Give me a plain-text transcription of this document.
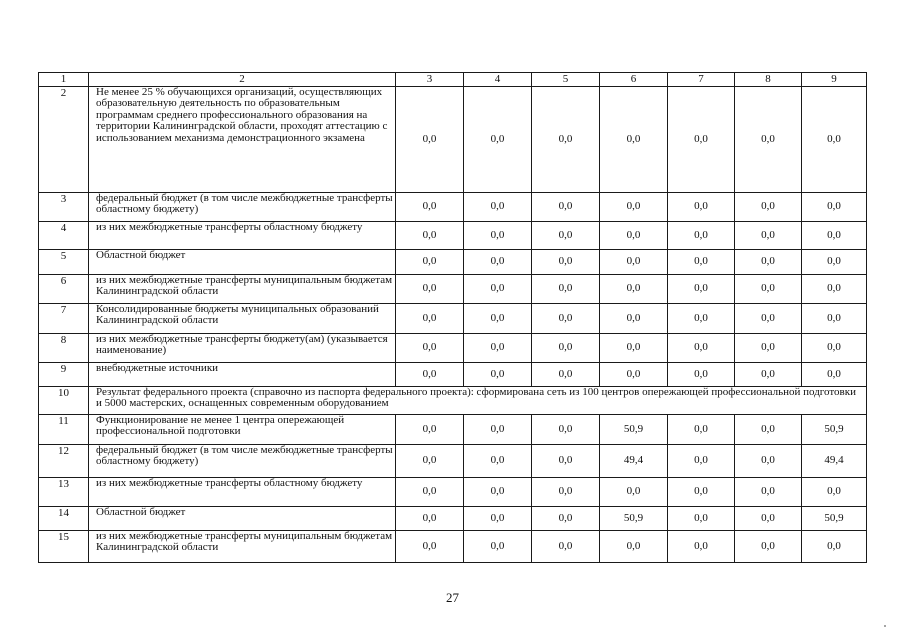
1	2	3	4	5	6	7	8	9
2	Не менее 25 % обучающихся организаций, осуществляющих образовательную деятельность по образовательным программам среднего профессионального образования на территории Калининградской области, проходят аттестацию с использованием механизма демонстрационного экзамена	0,0	0,0	0,0	0,0	0,0	0,0	0,0
3	федеральный бюджет (в том числе межбюджетные трансферты областному бюджету)	0,0	0,0	0,0	0,0	0,0	0,0	0,0
4	из них межбюджетные трансферты областному бюджету	0,0	0,0	0,0	0,0	0,0	0,0	0,0
5	Областной бюджет	0,0	0,0	0,0	0,0	0,0	0,0	0,0
6	из них межбюджетные трансферты муниципальным бюджетам Калининградской области	0,0	0,0	0,0	0,0	0,0	0,0	0,0
7	Консолидированные бюджеты муниципальных образований Калининградской области	0,0	0,0	0,0	0,0	0,0	0,0	0,0
8	из них межбюджетные трансферты бюджету(ам) (указывается наименование)	0,0	0,0	0,0	0,0	0,0	0,0	0,0
9	внебюджетные источники	0,0	0,0	0,0	0,0	0,0	0,0	0,0
10	Результат федерального проекта (справочно из паспорта федерального проекта): сформирована сеть из 100 центров опережающей профессиональной подготовки и 5000 мастерских, оснащенных современным оборудованием							
11	Функционирование не менее 1 центра опережающей профессиональной подготовки	0,0	0,0	0,0	50,9	0,0	0,0	50,9
12	федеральный бюджет (в том числе межбюджетные трансферты областному бюджету)	0,0	0,0	0,0	49,4	0,0	0,0	49,4
13	из них межбюджетные трансферты областному бюджету	0,0	0,0	0,0	0,0	0,0	0,0	0,0
14	Областной бюджет	0,0	0,0	0,0	50,9	0,0	0,0	50,9
15	из них межбюджетные трансферты муниципальным бюджетам Калининградской области	0,0	0,0	0,0	0,0	0,0	0,0	0,0
27
